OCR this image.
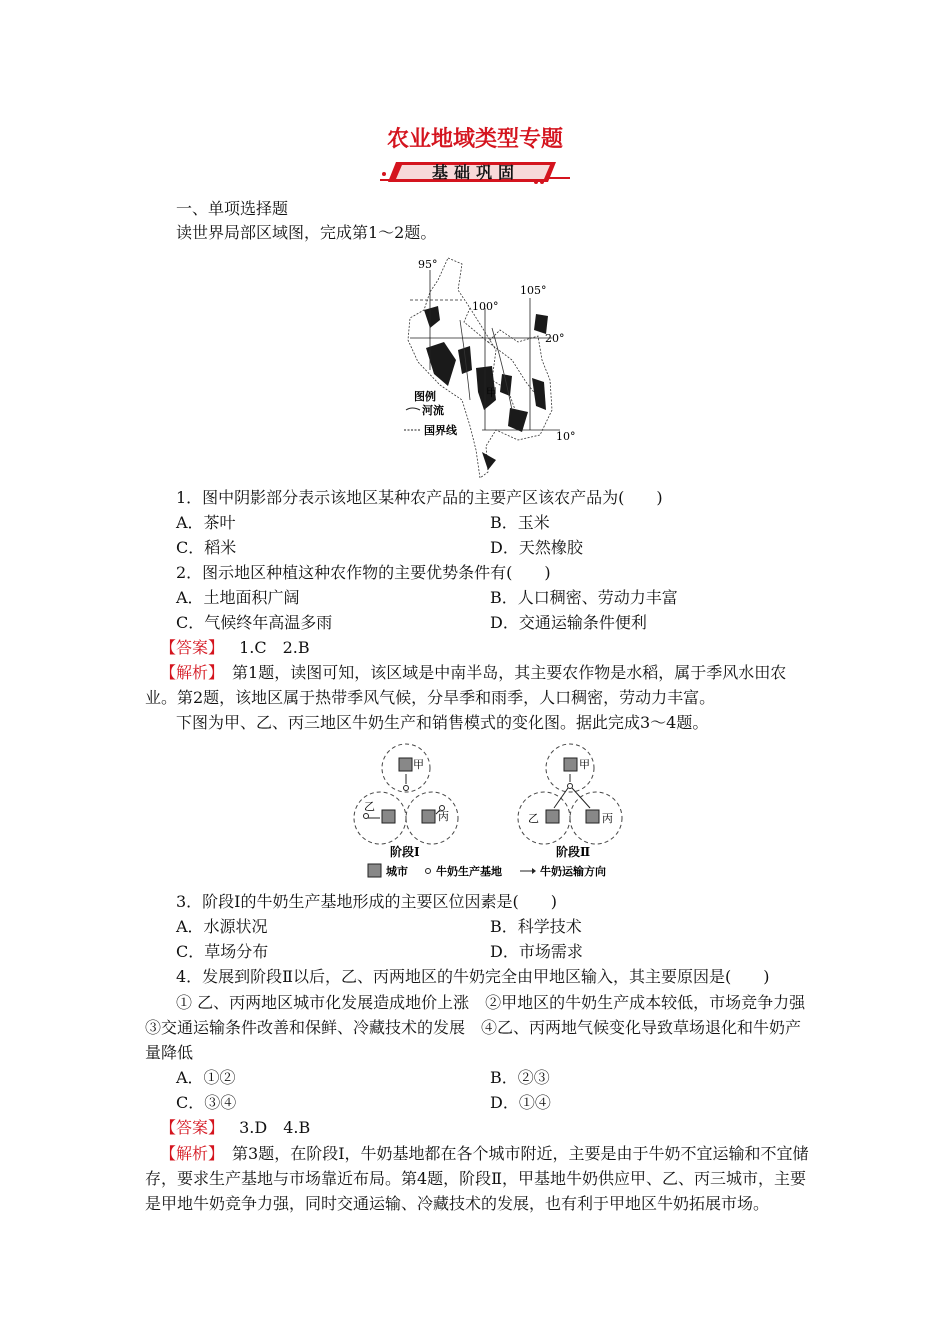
农业地域类型专题
基础巩固
一、单项选择题
读世界局部区域图，完成第1～2题。
95°
100°
105°
20°
10°
甲
图例
河流
国界线
1．图中阴影部分表示该地区某种农产品的主要产区该农产品为(　　)
A．茶叶	B．玉米
C．稻米	D．天然橡胶
2．图示地区种植这种农作物的主要优势条件有(　　)
A．土地面积广阔	B．人口稠密、劳动力丰富
C．气候终年高温多雨	D．交通运输条件便利
【答案】 1.C　2.B
【解析】 第1题，读图可知，该区域是中南半岛，其主要农作物是水稻，属于季风水田农业。第2题，该地区属于热带季风气候，分旱季和雨季，人口稠密，劳动力丰富。
下图为甲、乙、丙三地区牛奶生产和销售模式的变化图。据此完成3～4题。
甲
乙
丙
阶段Ⅰ
甲
乙	丙
阶段Ⅱ
城市	牛奶生产基地	牛奶运输方向
3．阶段Ⅰ的牛奶生产基地形成的主要区位因素是(　　)
A．水源状况	B．科学技术
C．草场分布	D．市场需求
4．发展到阶段Ⅱ以后，乙、丙两地区的牛奶完全由甲地区输入，其主要原因是(　　)
① 乙、丙两地区城市化发展造成地价上涨　②甲地区的牛奶生产成本较低，市场竞争力强　③交通运输条件改善和保鲜、冷藏技术的发展　④乙、丙两地气候变化导致草场退化和牛奶产量降低
A．①②	B．②③
C．③④	D．①④
【答案】 3.D　4.B
【解析】 第3题，在阶段Ⅰ，牛奶基地都在各个城市附近，主要是由于牛奶不宜运输和不宜储存，要求生产基地与市场靠近布局。第4题，阶段Ⅱ，甲基地牛奶供应甲、乙、丙三城市，主要是甲地牛奶竞争力强，同时交通运输、冷藏技术的发展，也有利于甲地区牛奶拓展市场。
